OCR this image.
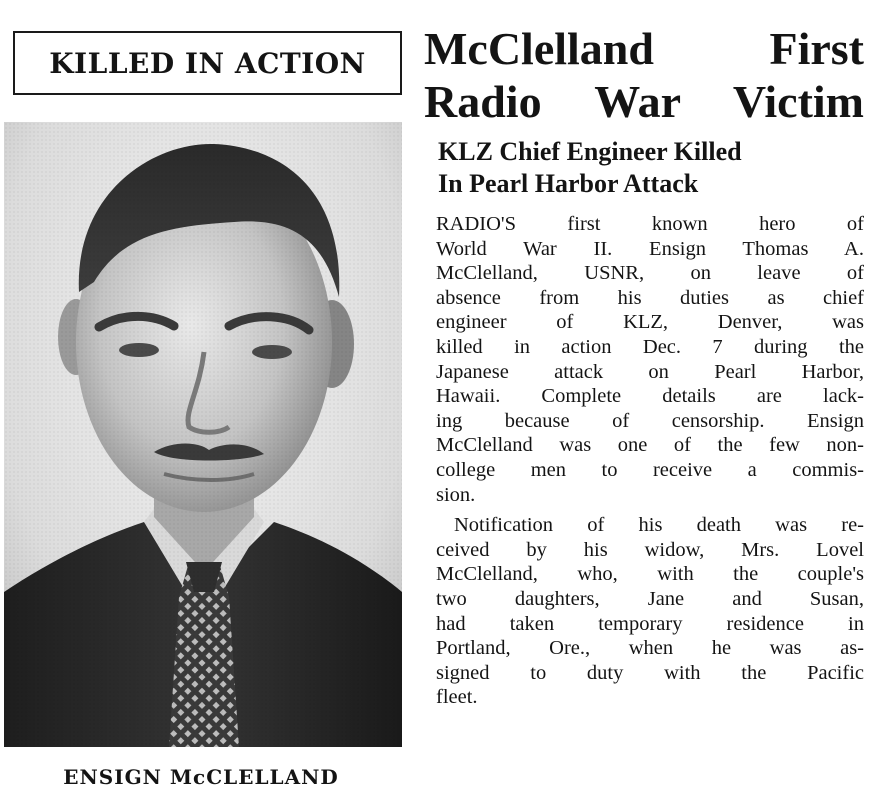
KILLED IN ACTION
ENSIGN McCLELLAND
McClelland First
Radio War Victim
KLZ Chief Engineer Killed
In Pearl Harbor Attack

RADIO'S first known hero of
World War II. Ensign Thomas A.
McClelland, USNR, on leave of
absence from his duties as chief
engineer of KLZ, Denver, was
killed in action Dec. 7 during the
Japanese attack on Pearl Harbor,
Hawaii. Complete details are lack-
ing because of censorship. Ensign
McClelland was one of the few non-
college men to receive a commis-
sion.

Notification of his death was re-
ceived by his widow, Mrs. Lovel
McClelland, who, with the couple's
two daughters, Jane and Susan,
had taken temporary residence in
Portland, Ore., when he was as-
signed to duty with the Pacific
fleet.
